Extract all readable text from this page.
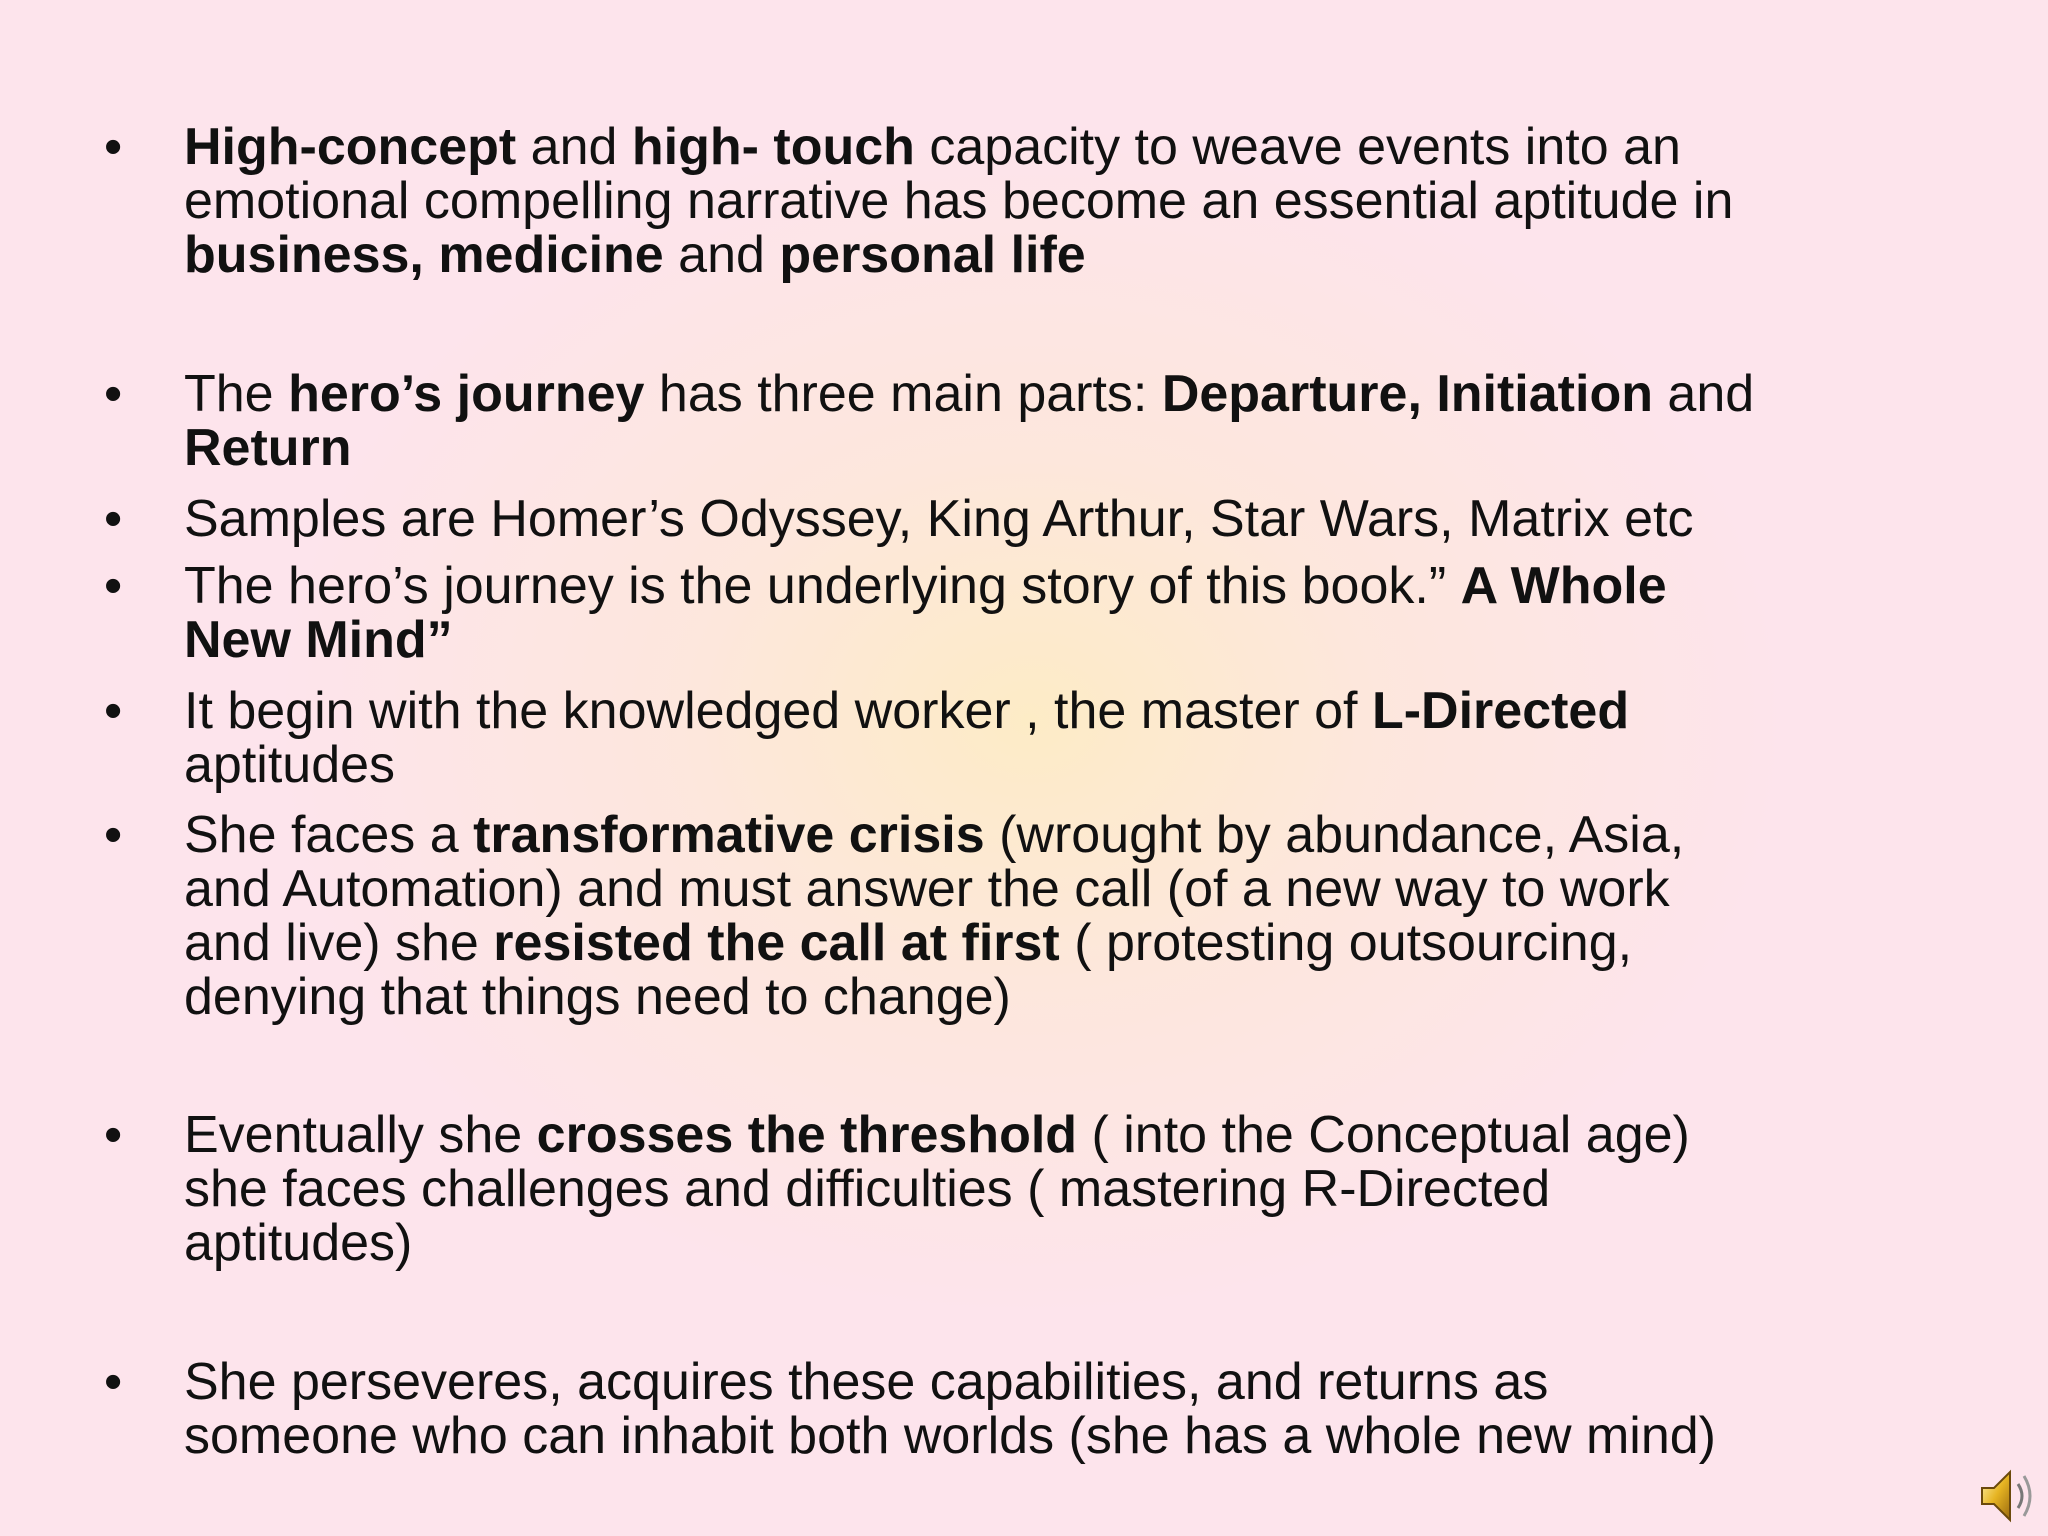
• High-concept and high- touch capacity to weave events into an
emotional compelling narrative has become an essential aptitude in
business, medicine and personal life
• The hero’s journey has three main parts: Departure, Initiation and
Return
• Samples are Homer’s Odyssey, King Arthur, Star Wars, Matrix etc
• The hero’s journey is the underlying story of this book.” A Whole
New Mind”
• It begin with the knowledged worker , the master of L-Directed
aptitudes
• She faces a transformative crisis (wrought by abundance, Asia,
and Automation) and must answer the call (of a new way to work
and live) she resisted the call at first ( protesting outsourcing,
denying that things need to change)
• Eventually she crosses the threshold ( into the Conceptual age)
she faces challenges and difficulties ( mastering R-Directed
aptitudes)
• She perseveres, acquires these capabilities, and returns as
someone who can inhabit both worlds (she has a whole new mind)
